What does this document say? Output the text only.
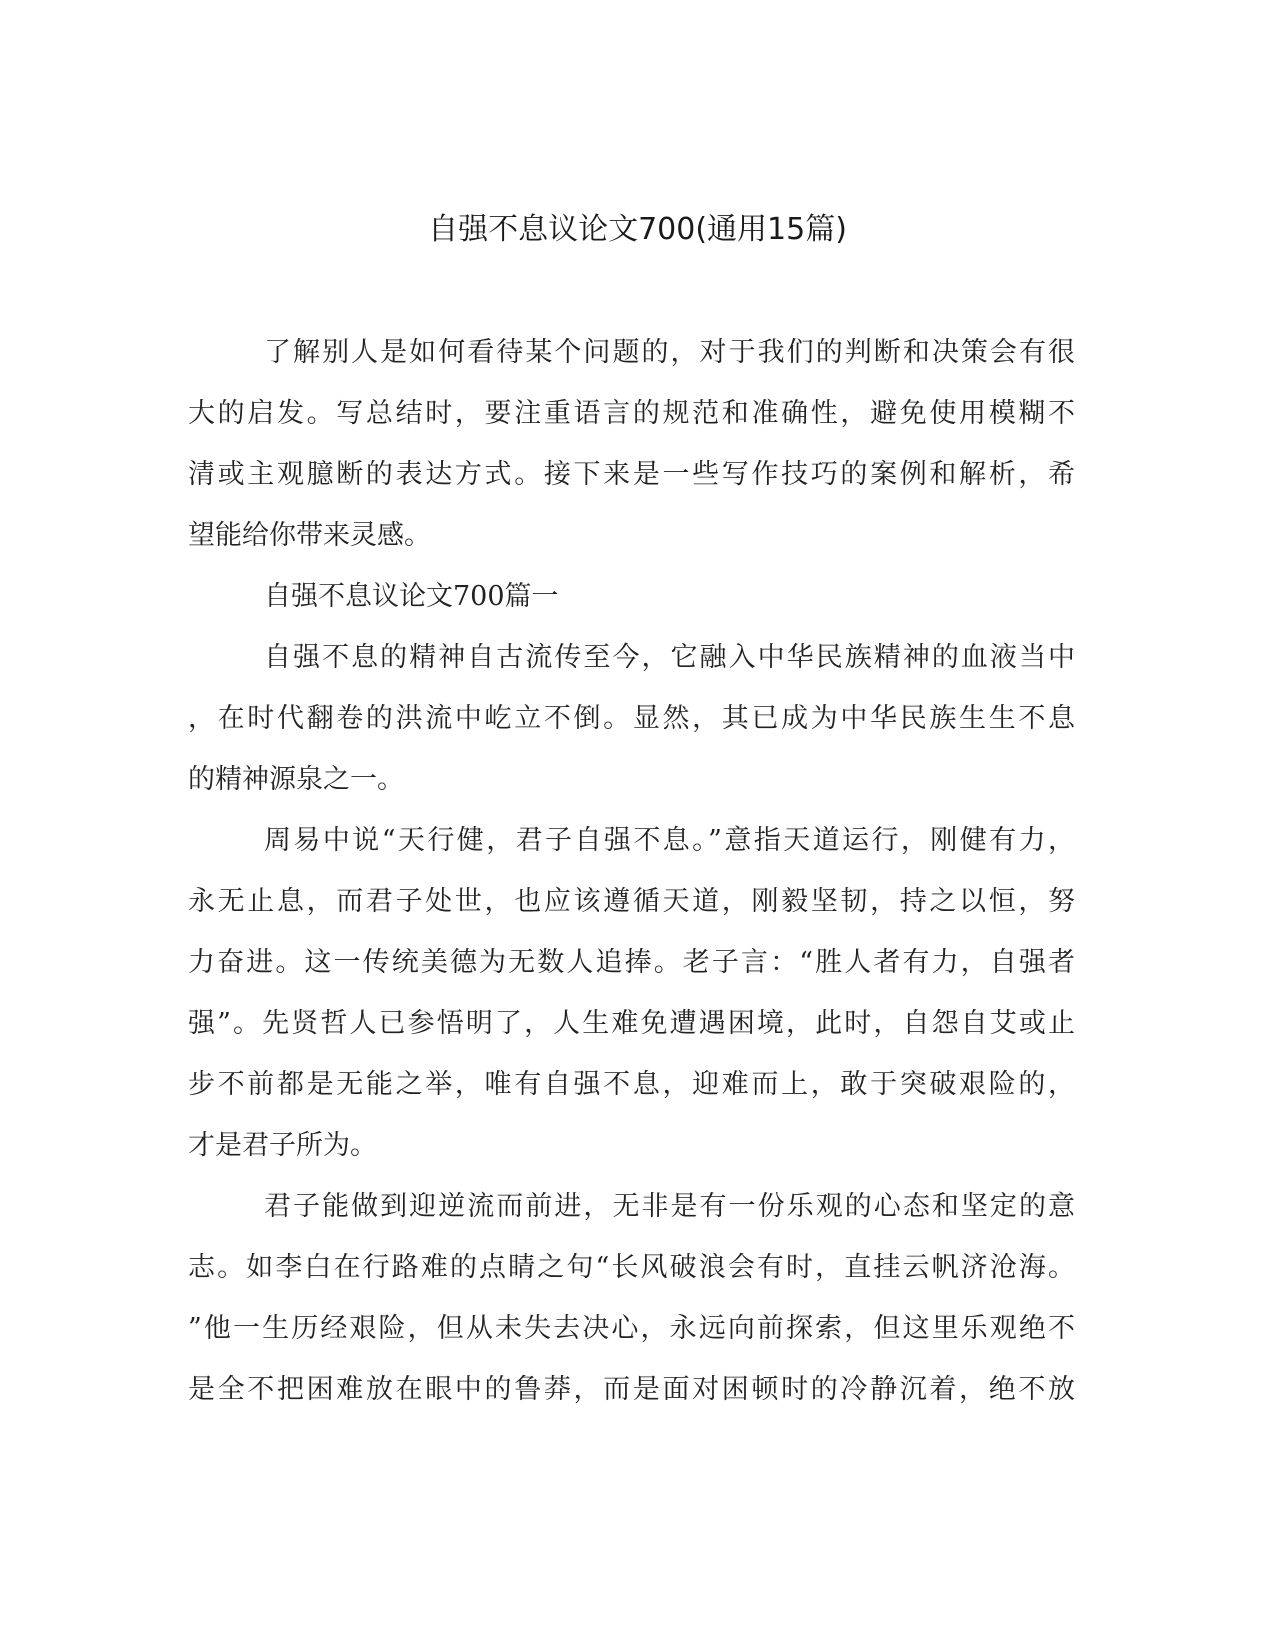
自强不息议论文700(通用15篇)
了解别人是如何看待某个问题的，对于我们的判断和决策会有很
大的启发。写总结时，要注重语言的规范和准确性，避免使用模糊不
清或主观臆断的表达方式。接下来是一些写作技巧的案例和解析，希
望能给你带来灵感。
自强不息议论文700篇一
自强不息的精神自古流传至今，它融入中华民族精神的血液当中
，在时代翻卷的洪流中屹立不倒。显然，其已成为中华民族生生不息
的精神源泉之一。
周易中说“天行健，君子自强不息。”意指天道运行，刚健有力，
永无止息，而君子处世，也应该遵循天道，刚毅坚韧，持之以恒，努
力奋进。这一传统美德为无数人追捧。老子言：“胜人者有力，自强者
强”。先贤哲人已参悟明了，人生难免遭遇困境，此时，自怨自艾或止
步不前都是无能之举，唯有自强不息，迎难而上，敢于突破艰险的，
才是君子所为。
君子能做到迎逆流而前进，无非是有一份乐观的心态和坚定的意
志。如李白在行路难的点睛之句“长风破浪会有时，直挂云帆济沧海。
”他一生历经艰险，但从未失去决心，永远向前探索，但这里乐观绝不
是全不把困难放在眼中的鲁莽，而是面对困顿时的冷静沉着，绝不放
